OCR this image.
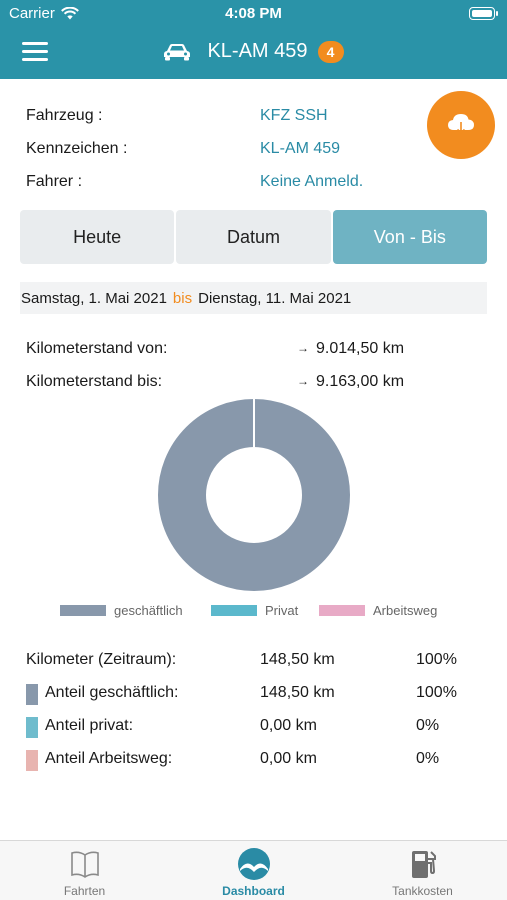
Carrier	4:08 PM
KL-AM 459	4
Fahrzeug :	KFZ SSH
Kennzeichen :	KL-AM 459
Fahrer :	Keine Anmeld.
Heute	Datum	Von - Bis
Samstag, 1. Mai 2021 bis Dienstag, 11. Mai 2021
Kilometerstand von:	→ 9.014,50 km
Kilometerstand bis:	→ 9.163,00 km
geschäftlich	Privat	Arbeitsweg
Kilometer (Zeitraum):	148,50 km	100%
Anteil geschäftlich:	148,50 km	100%
Anteil privat:	0,00 km	0%
Anteil Arbeitsweg:	0,00 km	0%
Fahrten	Dashboard	Tankkosten
